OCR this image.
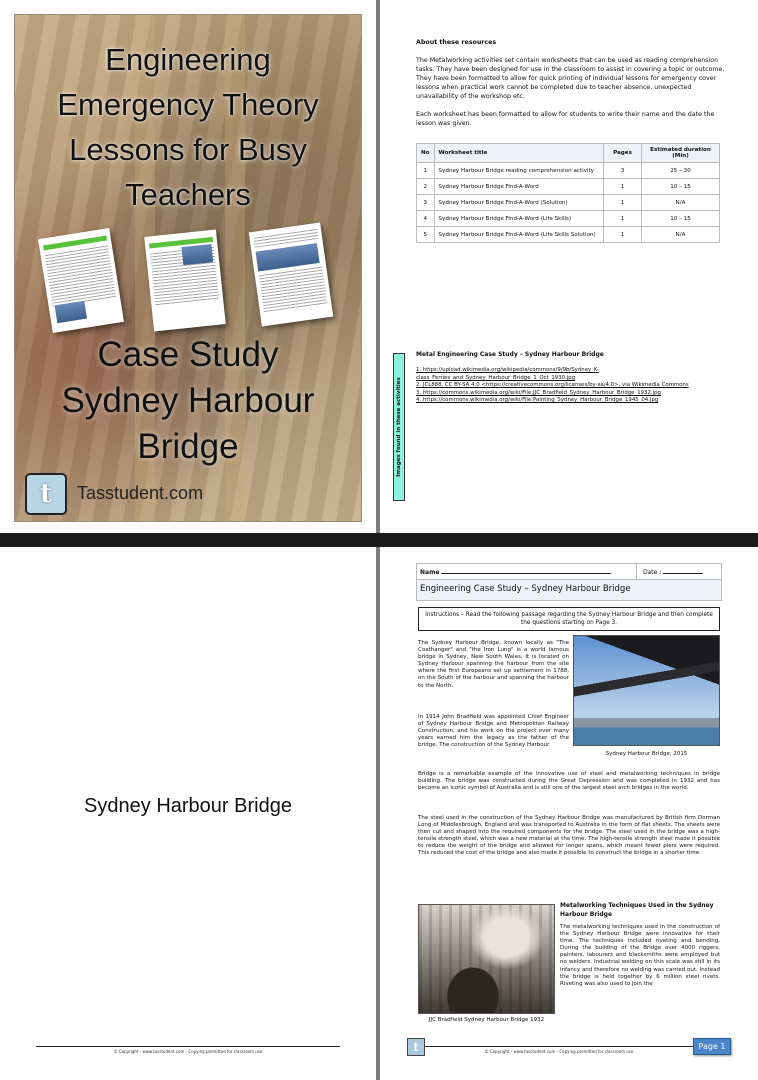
Engineering
Emergency Theory
Lessons for Busy
Teachers
Case Study
Sydney Harbour
Bridge
t Tasstudent.com

About these resources

The Metalworking activities set contain worksheets that can be used as reading comprehension tasks. They have been designed for use in the classroom to assist in covering a topic or outcome. They have been formatted to allow for quick printing of individual lessons for emergency cover lessons when practical work cannot be completed due to teacher absence, unexpected unavailability of the workshop etc.

Each worksheet has been formatted to allow for students to write their name and the date the lesson was given.

No	Worksheet title	Pages	Estimated duration (Min)
1	Sydney Harbour Bridge reading comprehension activity	3	25 – 30
2	Sydney Harbour Bridge Find-A-Word	1	10 – 15
3	Sydney Harbour Bridge Find-A-Word (Solution)	1	N/A
4	Sydney Harbour Bridge Find-A-Word (Life Skills)	1	10 – 15
5	Sydney Harbour Bridge Find-A-Word (Life Skills Solution)	1	N/A
Images found in these activities
Metal Engineering Case Study – Sydney Harbour Bridge
1. https://upload.wikimedia.org/wikipedia/commons/9/9b/Sydney_K-class_Ferries_and_Sydney_Harbour_Bridge_1_Oct_1930.jpg
2. JCL888, CC BY-SA 4.0 <https://creativecommons.org/licenses/by-sa/4.0>, via Wikimedia Commons
3. https://commons.wikimedia.org/wiki/File:JJC_Bradfield_Sydney_Harbour_Bridge_1932.jpg
4. https://commons.wikimedia.org/wiki/File:Painting_Sydney_Harbour_Bridge_1945_04.jpg
Sydney Harbour Bridge
© Copyright - www.tasstudent.com - Copying permitted for classroom use
Name	Date :
Engineering Case Study – Sydney Harbour Bridge
Instructions – Read the following passage regarding the Sydney Harbour Bridge and then complete the questions starting on Page 3.
The Sydney Harbour Bridge, known locally as "The Coathanger" and "the Iron Lung" is a world famous bridge in Sydney, New South Wales. It is located on Sydney Harbour spanning the harbour from the site where the first Europeans set up settlement in 1788, on the South of the harbour and spanning the harbour to the North.
In 1914 John Bradfield was appointed Chief Engineer of Sydney Harbour Bridge and Metropolitan Railway Construction, and his work on the project over many years earned him the legacy as the father of the bridge. The construction of the Sydney Harbour
Sydney Harbour Bridge, 2015
Bridge is a remarkable example of the innovative use of steel and metalworking techniques in bridge building. The bridge was constructed during the Great Depression and was completed in 1932 and has become an iconic symbol of Australia and is still one of the largest steel arch bridges in the world.
The steel used in the construction of the Sydney Harbour Bridge was manufactured by British firm Dorman Long of Middlesbrough, England and was transported to Australia in the form of flat sheets. The sheets were then cut and shaped into the required components for the bridge. The steel used in the bridge was a high-tensile strength steel, which was a new material at the time. The high-tensile strength steel made it possible to reduce the weight of the bridge and allowed for longer spans, which meant fewer piers were required. This reduced the cost of the bridge and also made it possible to construct the bridge in a shorter time.
JJC Bradfield Sydney Harbour Bridge 1932
Metalworking Techniques Used in the Sydney Harbour Bridge
The metalworking techniques used in the construction of the Sydney Harbour Bridge were innovative for their time. The techniques included riveting and bending. During the building of the Bridge over 4000 riggers, painters, labourers and blacksmiths were employed but no welders. Industrial welding on this scale was still in its infancy and therefore no welding was carried out. Instead the bridge is held together by 6 million steel rivets. Riveting was also used to join the
t	© Copyright - www.tasstudent.com - Copying permitted for classroom use
Page 1
